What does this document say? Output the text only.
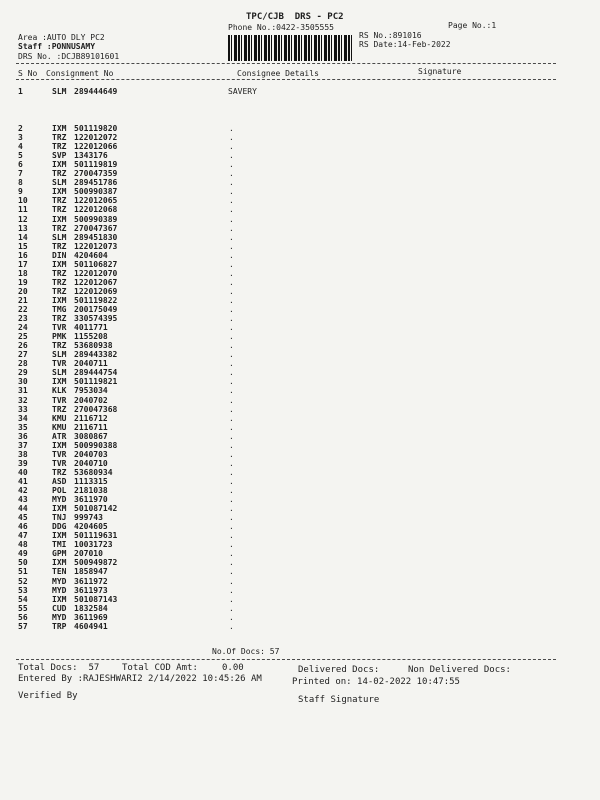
TPC/CJB  DRS - PC2
Phone No.:0422-3505555	Page No.:1
Area :AUTO DLY PC2
Staff :PONNUSAMY
DRS No. :DCJB89101601
RS No.:891016
RS Date:14-Feb-2022
S No Consignment No	Consignee Details	Signature
1	SLM 289444649	SAVERY
2	IXM 501119820	.
3	TRZ 122012072	.
4	TRZ 122012066	.
5	SVP 1343176	.
6	IXM 501119819	.
7	TRZ 270047359	.
8	SLM 289451786	.
9	IXM 500990387	.
10	TRZ 122012065	.
11	TRZ 122012068	.
12	IXM 500990389	.
13	TRZ 270047367	.
14	SLM 289451830	.
15	TRZ 122012073	.
16	DIN 4204604	.
17	IXM 501106827	.
18	TRZ 122012070	.
19	TRZ 122012067	.
20	TRZ 122012069	.
21	IXM 501119822	.
22	TMG 200175049	.
23	TRZ 330574395	.
24	TVR 4011771	.
25	PMK 1155208	.
26	TRZ 53680938	.
27	SLM 289443382	.
28	TVR 2040711	.
29	SLM 289444754	.
30	IXM 501119821	.
31	KLK 7953034	.
32	TVR 2040702	.
33	TRZ 270047368	.
34	KMU 2116712	.
35	KMU 2116711	.
36	ATR 3080867	.
37	IXM 500990388	.
38	TVR 2040703	.
39	TVR 2040710	.
40	TRZ 53680934	.
41	ASD 1113315	.
42	POL 2181038	.
43	MYD 3611970	.
44	IXM 501087142	.
45	TNJ 999743	.
46	DDG 4204605	.
47	IXM 501119631	.
48	TMI 10031723	.
49	GPM 207010	.
50	IXM 500949872	.
51	TEN 1858947	.
52	MYD 3611972	.
53	MYD 3611973	.
54	IXM 501087143	.
55	CUD 1832584	.
56	MYD 3611969	.
57	TRP 4604941	.
No.Of Docs: 57
Total Docs:  57	Total COD Amt:	0.00	Delivered Docs:	Non Delivered Docs:
Entered By :RAJESHWARI2 2/14/2022 10:45:26 AM	Printed on: 14-02-2022 10:47:55
Verified By	Staff Signature
